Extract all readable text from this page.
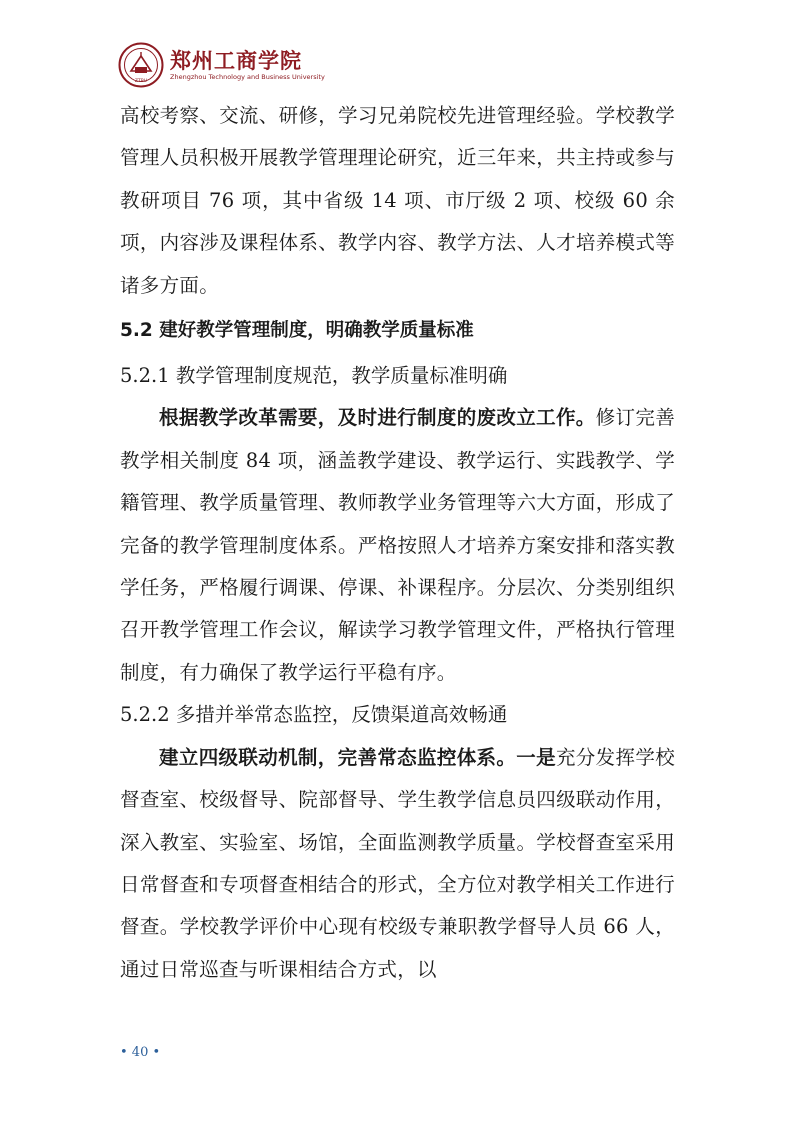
ZTBU
郑州工商学院
Zhengzhou Technology and Business University

高校考察、交流、研修，学习兄弟院校先进管理经验。学校教学管理人员积极开展教学管理理论研究，近三年来，共主持或参与教研项目 76 项，其中省级 14 项、市厅级 2 项、校级 60 余项，内容涉及课程体系、教学内容、教学方法、人才培养模式等诸多方面。

5.2 建好教学管理制度，明确教学质量标准

5.2.1 教学管理制度规范，教学质量标准明确

根据教学改革需要，及时进行制度的废改立工作。修订完善教学相关制度 84 项，涵盖教学建设、教学运行、实践教学、学籍管理、教学质量管理、教师教学业务管理等六大方面，形成了完备的教学管理制度体系。严格按照人才培养方案安排和落实教学任务，严格履行调课、停课、补课程序。分层次、分类别组织召开教学管理工作会议，解读学习教学管理文件，严格执行管理制度，有力确保了教学运行平稳有序。

5.2.2 多措并举常态监控，反馈渠道高效畅通

建立四级联动机制，完善常态监控体系。一是充分发挥学校督查室、校级督导、院部督导、学生教学信息员四级联动作用，深入教室、实验室、场馆，全面监测教学质量。学校督查室采用日常督查和专项督查相结合的形式，全方位对教学相关工作进行督查。学校教学评价中心现有校级专兼职教学督导人员 66 人，通过日常巡查与听课相结合方式，以

• 40 •
